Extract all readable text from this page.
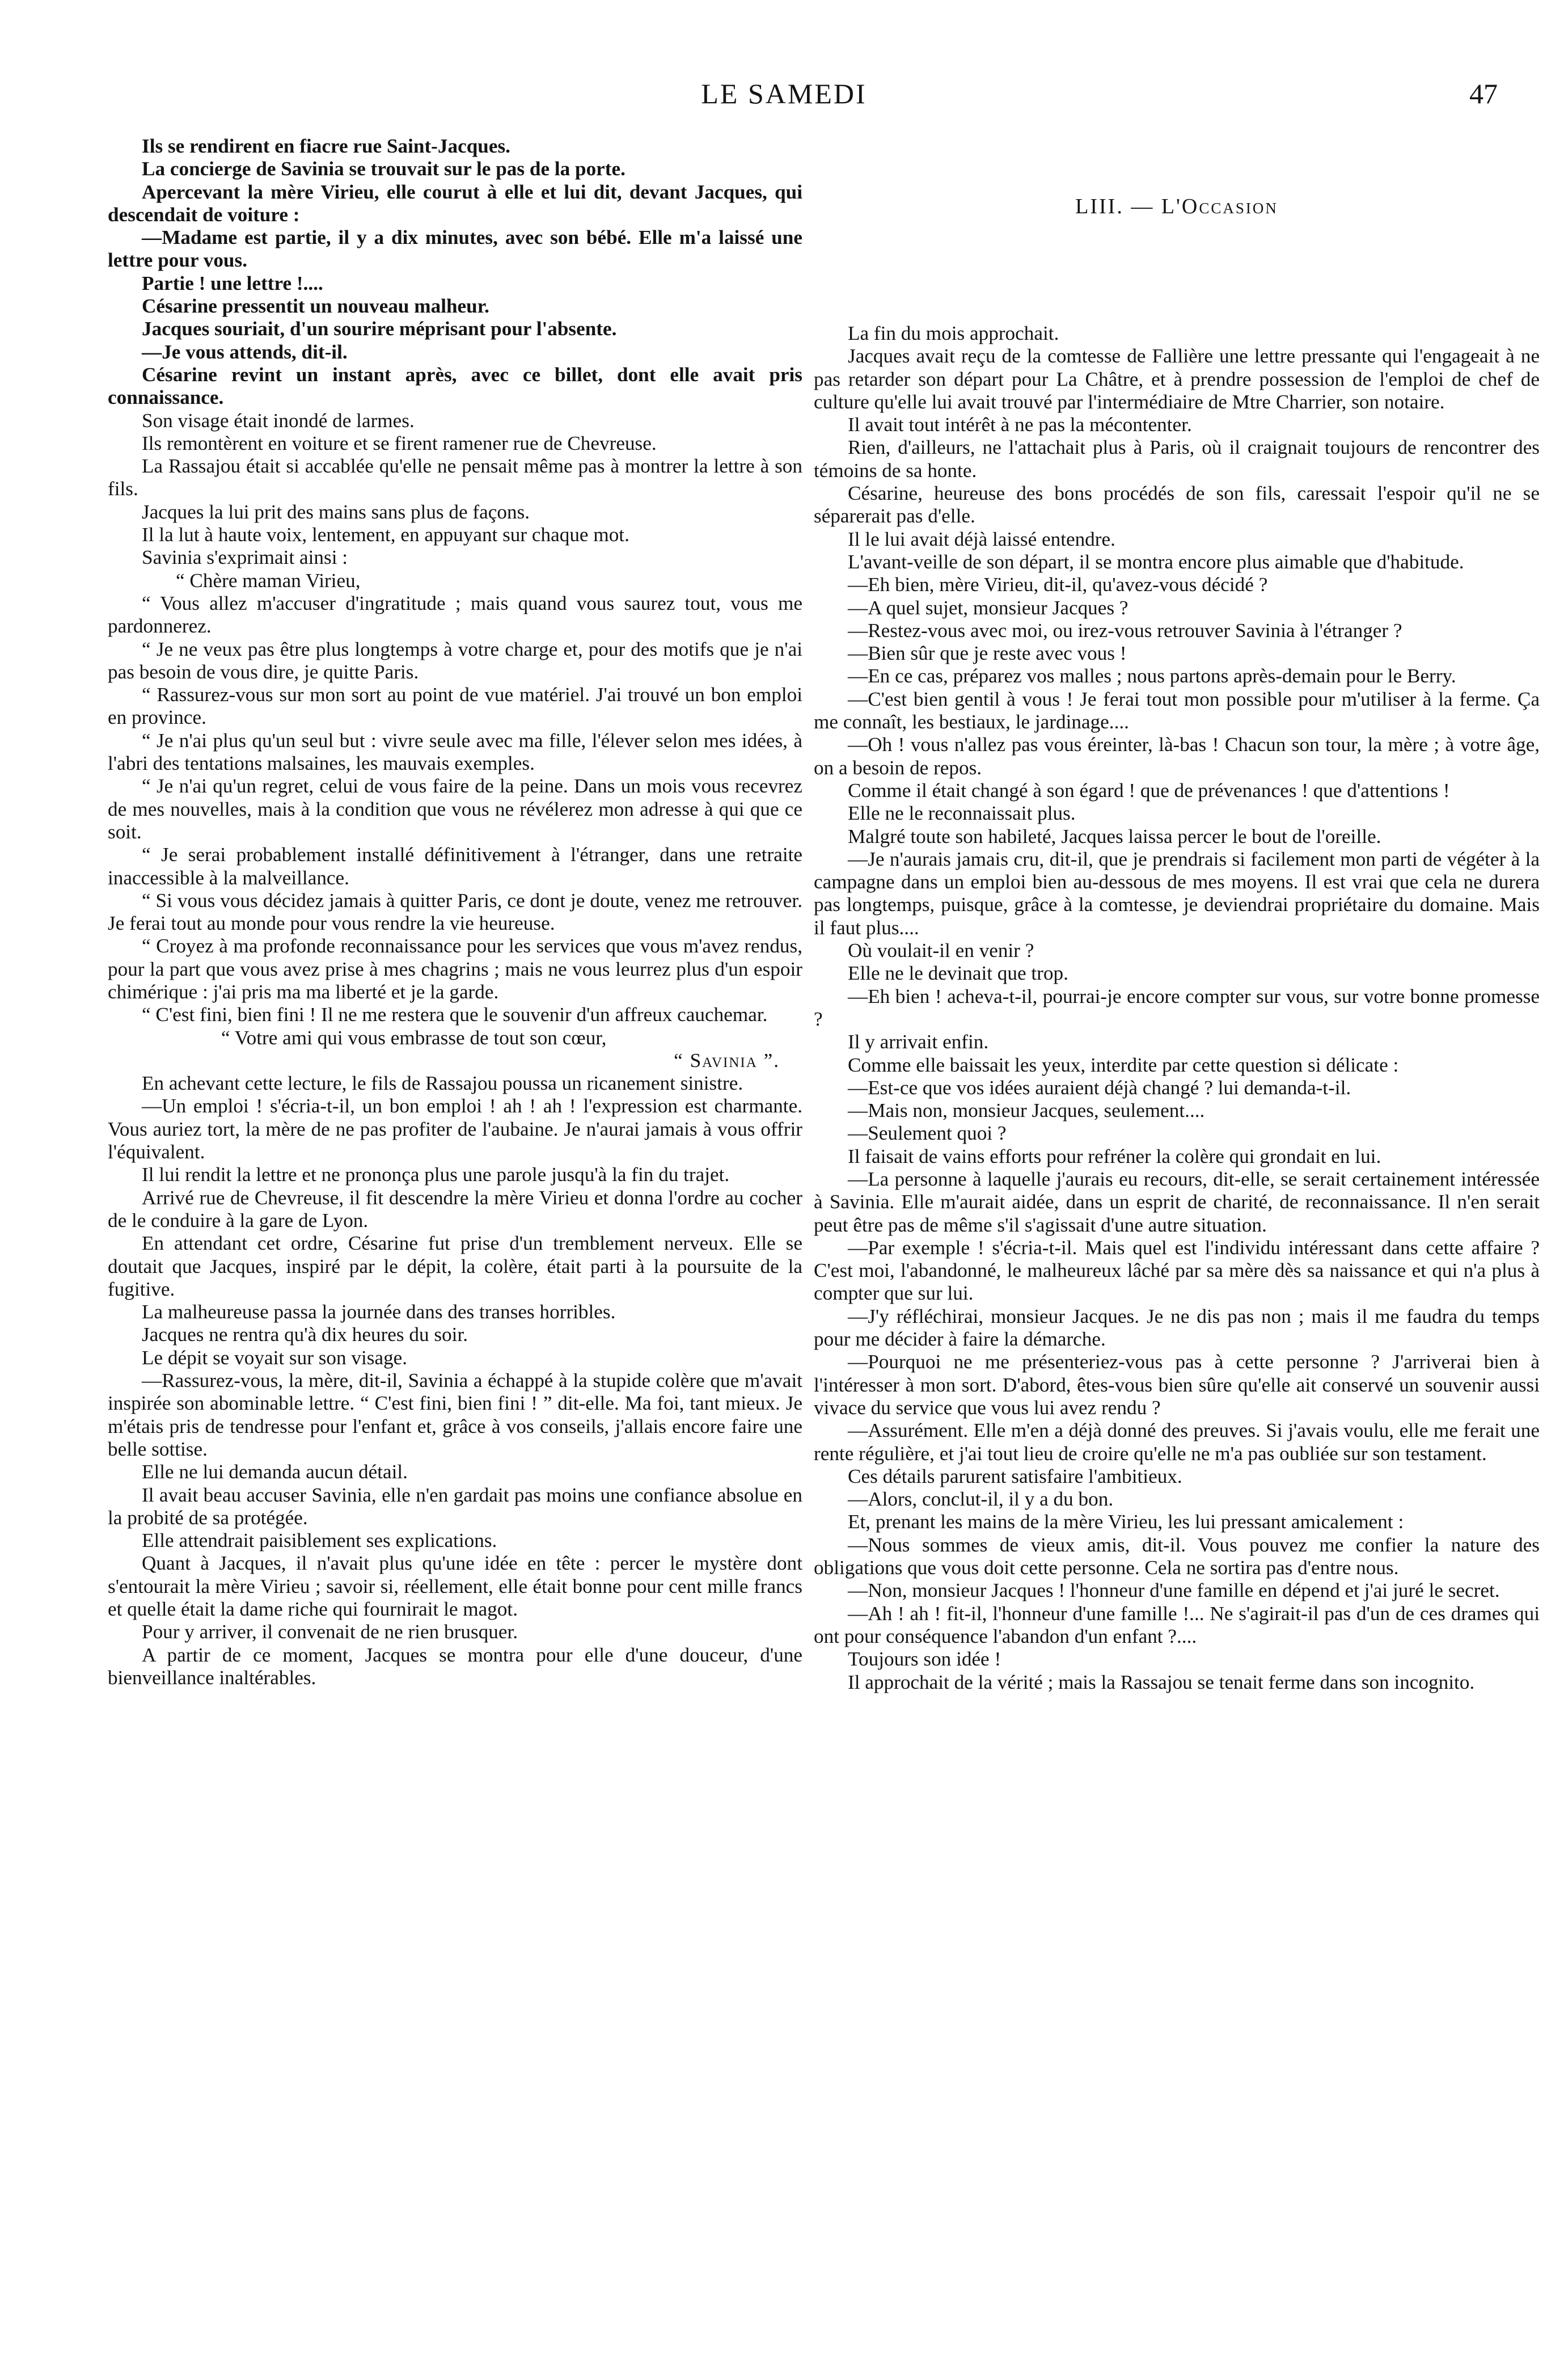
LE SAMEDI	47

Ils se rendirent en fiacre rue Saint-Jacques.

La concierge de Savinia se trouvait sur le pas de la porte.

Apercevant la mère Virieu, elle courut à elle et lui dit, devant Jacques, qui descendait de voiture :

—Madame est partie, il y a dix minutes, avec son bébé. Elle m'a laissé une lettre pour vous.

Partie ! une lettre !....

Césarine pressentit un nouveau malheur.

Jacques souriait, d'un sourire méprisant pour l'absente.

—Je vous attends, dit-il.

Césarine revint un instant après, avec ce billet, dont elle avait pris connaissance.

Son visage était inondé de larmes.

Ils remontèrent en voiture et se firent ramener rue de Chevreuse.

La Rassajou était si accablée qu'elle ne pensait même pas à montrer la lettre à son fils.

Jacques la lui prit des mains sans plus de façons.

Il la lut à haute voix, lentement, en appuyant sur chaque mot.

Savinia s'exprimait ainsi :

“ Chère maman Virieu,

“ Vous allez m'accuser d'ingratitude ; mais quand vous saurez tout, vous me pardonnerez.

“ Je ne veux pas être plus longtemps à votre charge et, pour des motifs que je n'ai pas besoin de vous dire, je quitte Paris.

“ Rassurez-vous sur mon sort au point de vue matériel. J'ai trouvé un bon emploi en province.

“ Je n'ai plus qu'un seul but : vivre seule avec ma fille, l'élever selon mes idées, à l'abri des tentations malsaines, les mauvais exemples.

“ Je n'ai qu'un regret, celui de vous faire de la peine. Dans un mois vous recevrez de mes nouvelles, mais à la condition que vous ne révélerez mon adresse à qui que ce soit.

“ Je serai probablement installé définitivement à l'étranger, dans une retraite inaccessible à la malveillance.

“ Si vous vous décidez jamais à quitter Paris, ce dont je doute, venez me retrouver. Je ferai tout au monde pour vous rendre la vie heureuse.

“ Croyez à ma profonde reconnaissance pour les services que vous m'avez rendus, pour la part que vous avez prise à mes chagrins ; mais ne vous leurrez plus d'un espoir chimérique : j'ai pris ma ma liberté et je la garde.

“ C'est fini, bien fini ! Il ne me restera que le souvenir d'un affreux cauchemar.

“ Votre ami qui vous embrasse de tout son cœur,

“ Savinia ”.

En achevant cette lecture, le fils de Rassajou poussa un ricanement sinistre.

—Un emploi ! s'écria-t-il, un bon emploi ! ah ! ah ! l'expression est charmante. Vous auriez tort, la mère de ne pas profiter de l'aubaine. Je n'aurai jamais à vous offrir l'équivalent.

Il lui rendit la lettre et ne prononça plus une parole jusqu'à la fin du trajet.

Arrivé rue de Chevreuse, il fit descendre la mère Virieu et donna l'ordre au cocher de le conduire à la gare de Lyon.

En attendant cet ordre, Césarine fut prise d'un tremblement nerveux. Elle se doutait que Jacques, inspiré par le dépit, la colère, était parti à la poursuite de la fugitive.

La malheureuse passa la journée dans des transes horribles.

Jacques ne rentra qu'à dix heures du soir.

Le dépit se voyait sur son visage.

—Rassurez-vous, la mère, dit-il, Savinia a échappé à la stupide colère que m'avait inspirée son abominable lettre. “ C'est fini, bien fini ! ” dit-elle. Ma foi, tant mieux. Je m'étais pris de tendresse pour l'enfant et, grâce à vos conseils, j'allais encore faire une belle sottise.

Elle ne lui demanda aucun détail.

Il avait beau accuser Savinia, elle n'en gardait pas moins une confiance absolue en la probité de sa protégée.

Elle attendrait paisiblement ses explications.

Quant à Jacques, il n'avait plus qu'une idée en tête : percer le mystère dont s'entourait la mère Virieu ; savoir si, réellement, elle était bonne pour cent mille francs et quelle était la dame riche qui fournirait le magot.

Pour y arriver, il convenait de ne rien brusquer.

A partir de ce moment, Jacques se montra pour elle d'une douceur, d'une bienveillance inaltérables.

LIII. — L'Occasion

La fin du mois approchait.

Jacques avait reçu de la comtesse de Fallière une lettre pressante qui l'engageait à ne pas retarder son départ pour La Châtre, et à prendre possession de l'emploi de chef de culture qu'elle lui avait trouvé par l'intermédiaire de Mtre Charrier, son notaire.

Il avait tout intérêt à ne pas la mécontenter.

Rien, d'ailleurs, ne l'attachait plus à Paris, où il craignait toujours de rencontrer des témoins de sa honte.

Césarine, heureuse des bons procédés de son fils, caressait l'espoir qu'il ne se séparerait pas d'elle.

Il le lui avait déjà laissé entendre.

L'avant-veille de son départ, il se montra encore plus aimable que d'habitude.

—Eh bien, mère Virieu, dit-il, qu'avez-vous décidé ?

—A quel sujet, monsieur Jacques ?

—Restez-vous avec moi, ou irez-vous retrouver Savinia à l'étranger ?

—Bien sûr que je reste avec vous !

—En ce cas, préparez vos malles ; nous partons après-demain pour le Berry.

—C'est bien gentil à vous ! Je ferai tout mon possible pour m'utiliser à la ferme. Ça me connaît, les bestiaux, le jardinage....

—Oh ! vous n'allez pas vous éreinter, là-bas ! Chacun son tour, la mère ; à votre âge, on a besoin de repos.

Comme il était changé à son égard ! que de prévenances ! que d'attentions !

Elle ne le reconnaissait plus.

Malgré toute son habileté, Jacques laissa percer le bout de l'oreille.

—Je n'aurais jamais cru, dit-il, que je prendrais si facilement mon parti de végéter à la campagne dans un emploi bien au-dessous de mes moyens. Il est vrai que cela ne durera pas longtemps, puisque, grâce à la comtesse, je deviendrai propriétaire du domaine. Mais il faut plus....

Où voulait-il en venir ?

Elle ne le devinait que trop.

—Eh bien ! acheva-t-il, pourrai-je encore compter sur vous, sur votre bonne promesse ?

Il y arrivait enfin.

Comme elle baissait les yeux, interdite par cette question si délicate :

—Est-ce que vos idées auraient déjà changé ? lui demanda-t-il.

—Mais non, monsieur Jacques, seulement....

—Seulement quoi ?

Il faisait de vains efforts pour refréner la colère qui grondait en lui.

—La personne à laquelle j'aurais eu recours, dit-elle, se serait certainement intéressée à Savinia. Elle m'aurait aidée, dans un esprit de charité, de reconnaissance. Il n'en serait peut être pas de même s'il s'agissait d'une autre situation.

—Par exemple ! s'écria-t-il. Mais quel est l'individu intéressant dans cette affaire ? C'est moi, l'abandonné, le malheureux lâché par sa mère dès sa naissance et qui n'a plus à compter que sur lui.

—J'y réfléchirai, monsieur Jacques. Je ne dis pas non ; mais il me faudra du temps pour me décider à faire la démarche.

—Pourquoi ne me présenteriez-vous pas à cette personne ? J'arriverai bien à l'intéresser à mon sort. D'abord, êtes-vous bien sûre qu'elle ait conservé un souvenir aussi vivace du service que vous lui avez rendu ?

—Assurément. Elle m'en a déjà donné des preuves. Si j'avais voulu, elle me ferait une rente régulière, et j'ai tout lieu de croire qu'elle ne m'a pas oubliée sur son testament.

Ces détails parurent satisfaire l'ambitieux.

—Alors, conclut-il, il y a du bon.

Et, prenant les mains de la mère Virieu, les lui pressant amicalement :

—Nous sommes de vieux amis, dit-il. Vous pouvez me confier la nature des obligations que vous doit cette personne. Cela ne sortira pas d'entre nous.

—Non, monsieur Jacques ! l'honneur d'une famille en dépend et j'ai juré le secret.

—Ah ! ah ! fit-il, l'honneur d'une famille !... Ne s'agirait-il pas d'un de ces drames qui ont pour conséquence l'abandon d'un enfant ?....

Toujours son idée !

Il approchait de la vérité ; mais la Rassajou se tenait ferme dans son incognito.
